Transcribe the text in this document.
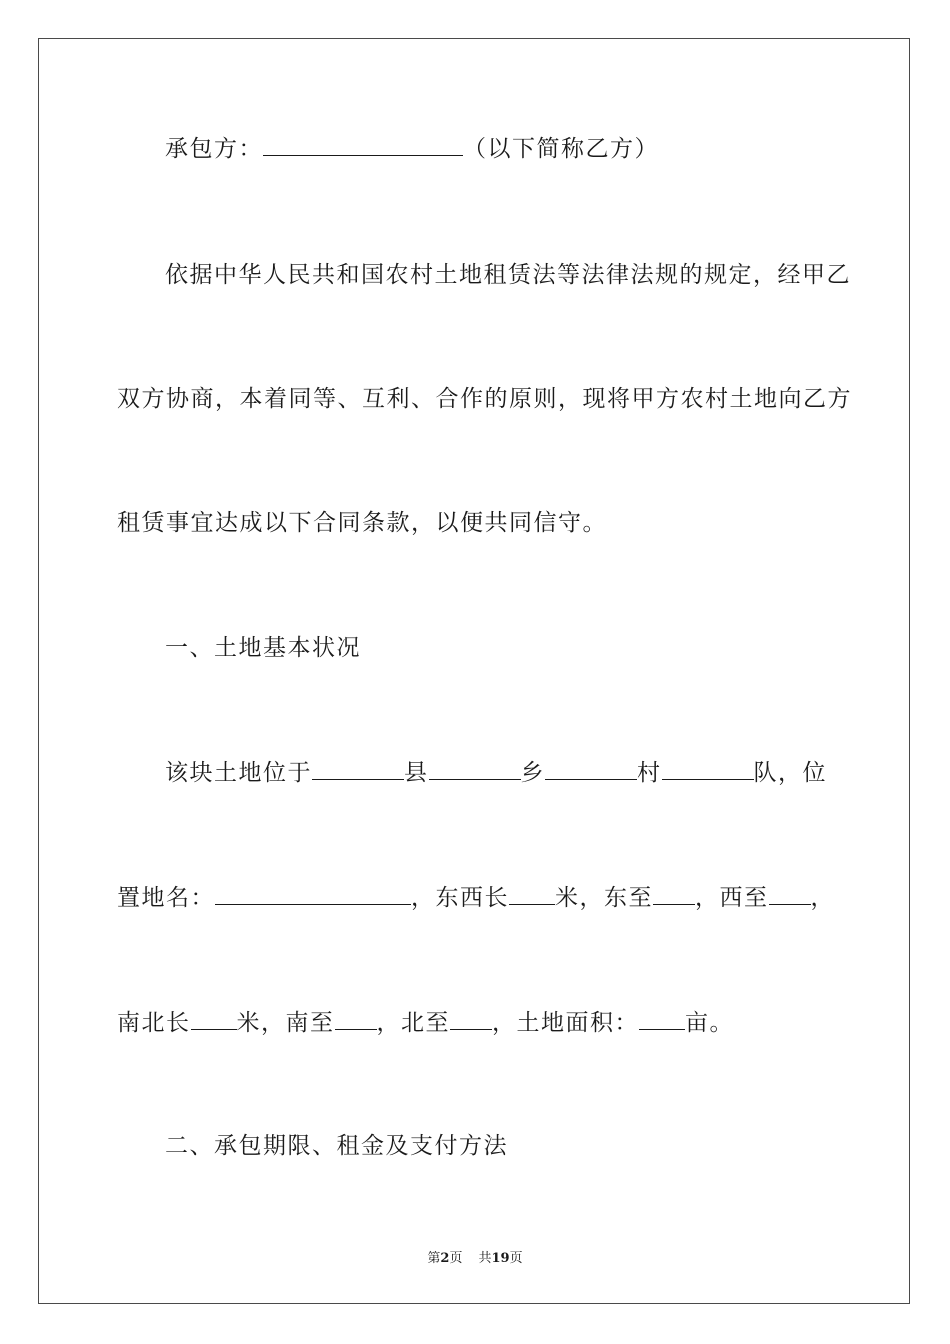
承包方：	（以下简称乙方）
依据中华人民共和国农村土地租赁法等法律法规的规定，经甲乙
双方协商，本着同等、互利、合作的原则，现将甲方农村土地向乙方
租赁事宜达成以下合同条款，以便共同信守。
一、土地基本状况
该块土地位于	县	乡	村	队，位
置地名：	，东西长 米，东至 ，西至 ，
南北长 米，南至 ，北至 ，土地面积： 亩。
二、承包期限、租金及支付方法
第2页 共19页
